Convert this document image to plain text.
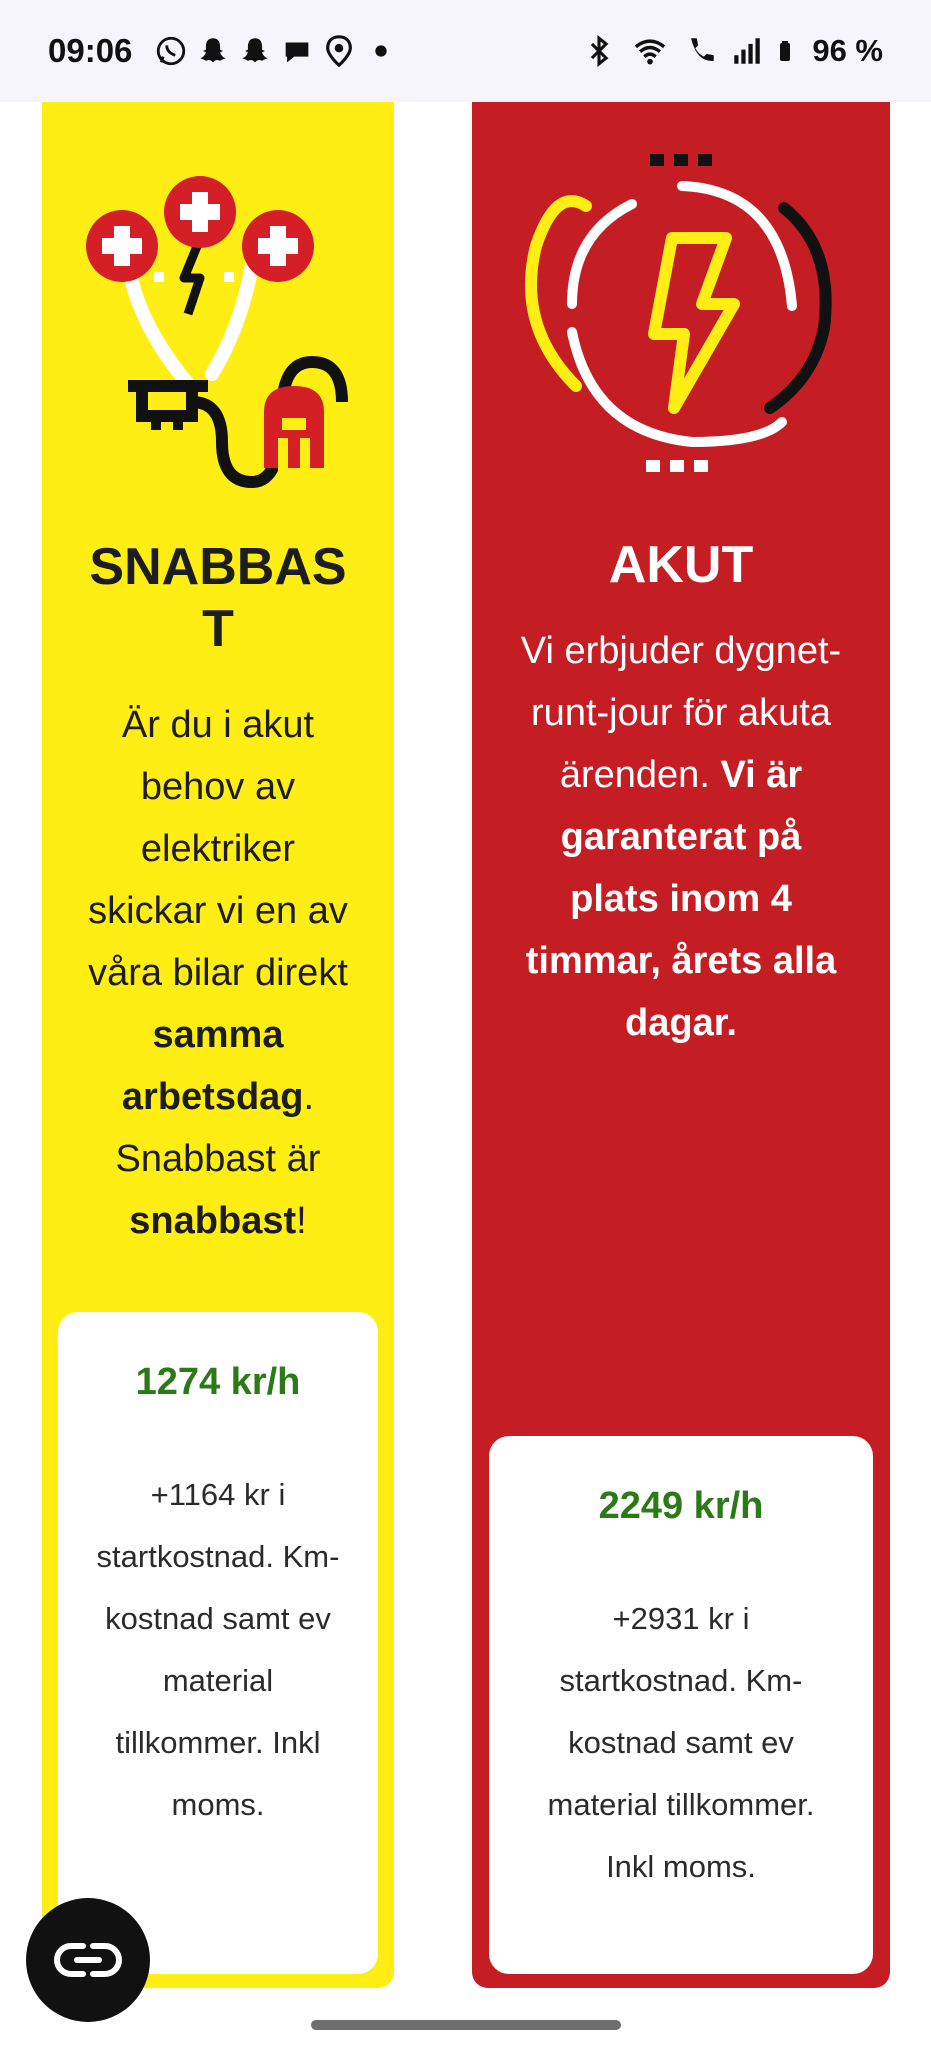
09:06	96 %
SNABBAST
Är du i akut behov av elektriker skickar vi en av våra bilar direkt samma arbetsdag. Snabbast är snabbast!
1274 kr/h
+1164 kr i startkostnad. Km-kostnad samt ev material tillkommer. Inkl moms.
AKUT
Vi erbjuder dygnet-runt-jour för akuta ärenden. Vi är garanterat på plats inom 4 timmar, årets alla dagar.
2249 kr/h
+2931 kr i startkostnad. Km-kostnad samt ev material tillkommer. Inkl moms.
